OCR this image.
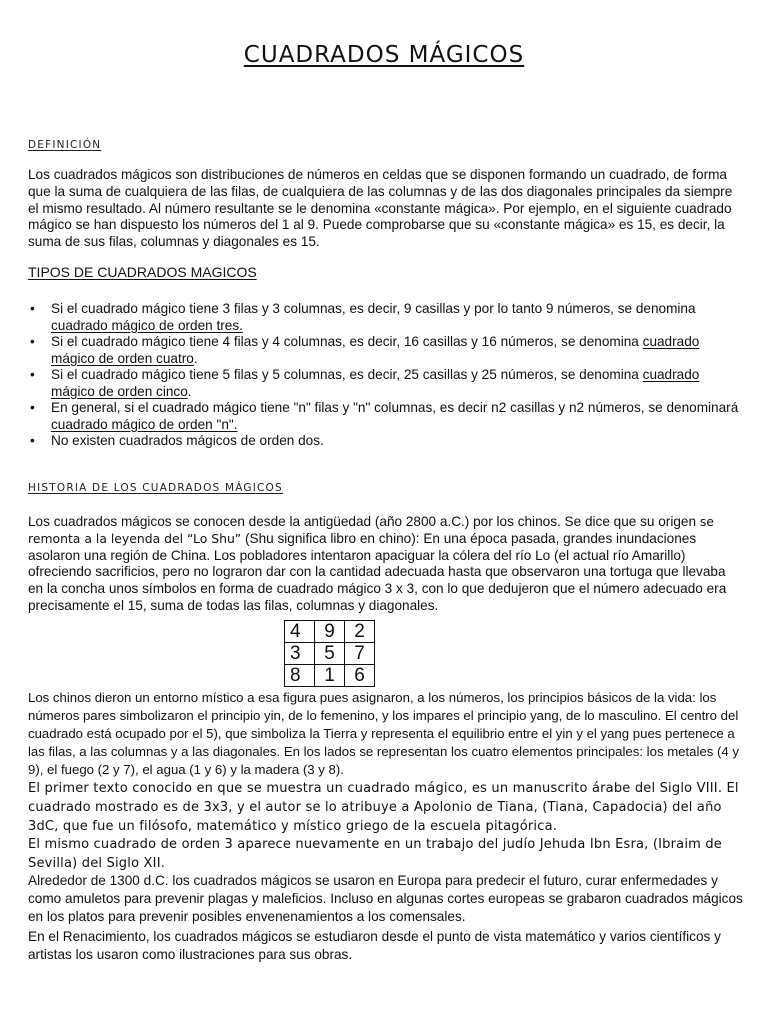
CUADRADOS MÁGICOS
DEFINICIÓN
Los cuadrados mágicos son distribuciones de números en celdas que se disponen formando un cuadrado, de forma que la suma de cualquiera de las filas, de cualquiera de las columnas y de las dos diagonales principales da siempre el mismo resultado. Al número resultante se le denomina «constante mágica». Por ejemplo, en el siguiente cuadrado mágico se han dispuesto los números del 1 al 9. Puede comprobarse que su «constante mágica» es 15, es decir, la suma de sus filas, columnas y diagonales es 15.
TIPOS DE CUADRADOS MAGICOS
• Si el cuadrado mágico tiene 3 filas y 3 columnas, es decir, 9 casillas y por lo tanto 9 números, se denomina cuadrado mágico de orden tres.
• Si el cuadrado mágico tiene 4 filas y 4 columnas, es decir, 16 casillas y 16 números, se denomina cuadrado mágico de orden cuatro.
• Si el cuadrado mágico tiene 5 filas y 5 columnas, es decir, 25 casillas y 25 números, se denomina cuadrado mágico de orden cinco.
• En general, si el cuadrado mágico tiene "n" filas y "n" columnas, es decir n2 casillas y n2 números, se denominará cuadrado mágico de orden "n".
• No existen cuadrados mágicos de orden dos.
HISTORIA DE LOS CUADRADOS MÁGICOS
Los cuadrados mágicos se conocen desde la antigüedad (año 2800 a.C.) por los chinos. Se dice que su origen se remonta a la leyenda del “Lo Shu” (Shu significa libro en chino): En una época pasada, grandes inundaciones asolaron una región de China. Los pobladores intentaron apaciguar la cólera del río Lo (el actual río Amarillo) ofreciendo sacrificios, pero no lograron dar con la cantidad adecuada hasta que observaron una tortuga que llevaba en la concha unos símbolos en forma de cuadrado mágico 3 x 3, con lo que dedujeron que el número adecuado era precisamente el 15, suma de todas las filas, columnas y diagonales.
4	9	2
3	5	7
8	1	6
Los chinos dieron un entorno místico a esa figura pues asignaron, a los números, los principios básicos de la vida: los números pares simbolizaron el principio yin, de lo femenino, y los impares el principio yang, de lo masculino. El centro del cuadrado está ocupado por el 5), que simboliza la Tierra y representa el equilibrio entre el yin y el yang pues pertenece a las filas, a las columnas y a las diagonales. En los lados se representan los cuatro elementos principales: los metales (4 y 9), el fuego (2 y 7), el agua (1 y 6) y la madera (3 y 8).
El primer texto conocido en que se muestra un cuadrado mágico, es un manuscrito árabe del Siglo VIII. El cuadrado mostrado es de 3x3, y el autor se lo atribuye a Apolonio de Tiana, (Tiana, Capadocia) del año 3dC, que fue un filósofo, matemático y místico griego de la escuela pitagórica.
El mismo cuadrado de orden 3 aparece nuevamente en un trabajo del judío Jehuda Ibn Esra, (Ibraim de Sevilla) del Siglo XII.
Alrededor de 1300 d.C. los cuadrados mágicos se usaron en Europa para predecir el futuro, curar enfermedades y como amuletos para prevenir plagas y maleficios. Incluso en algunas cortes europeas se grabaron cuadrados mágicos en los platos para prevenir posibles envenenamientos a los comensales.
En el Renacimiento, los cuadrados mágicos se estudiaron desde el punto de vista matemático y varios científicos y artistas los usaron como ilustraciones para sus obras.
